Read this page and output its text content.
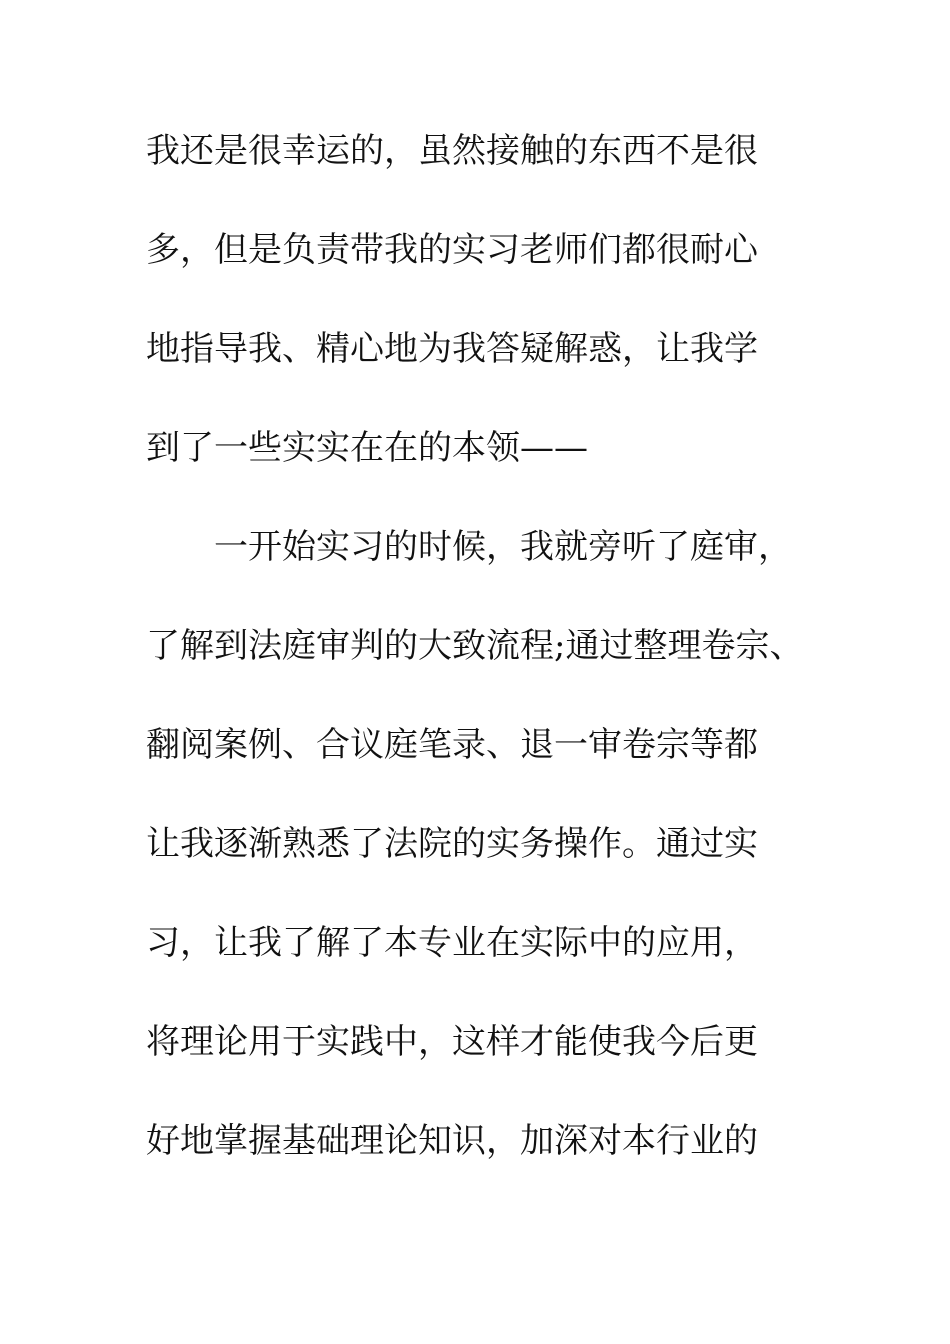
我还是很幸运的，虽然接触的东西不是很
多，但是负责带我的实习老师们都很耐心
地指导我、精心地为我答疑解惑，让我学
到了一些实实在在的本领——
一开始实习的时候，我就旁听了庭审，
了解到法庭审判的大致流程;通过整理卷宗、
翻阅案例、合议庭笔录、退一审卷宗等都
让我逐渐熟悉了法院的实务操作。通过实
习，让我了解了本专业在实际中的应用，
将理论用于实践中，这样才能使我今后更
好地掌握基础理论知识，加深对本行业的
